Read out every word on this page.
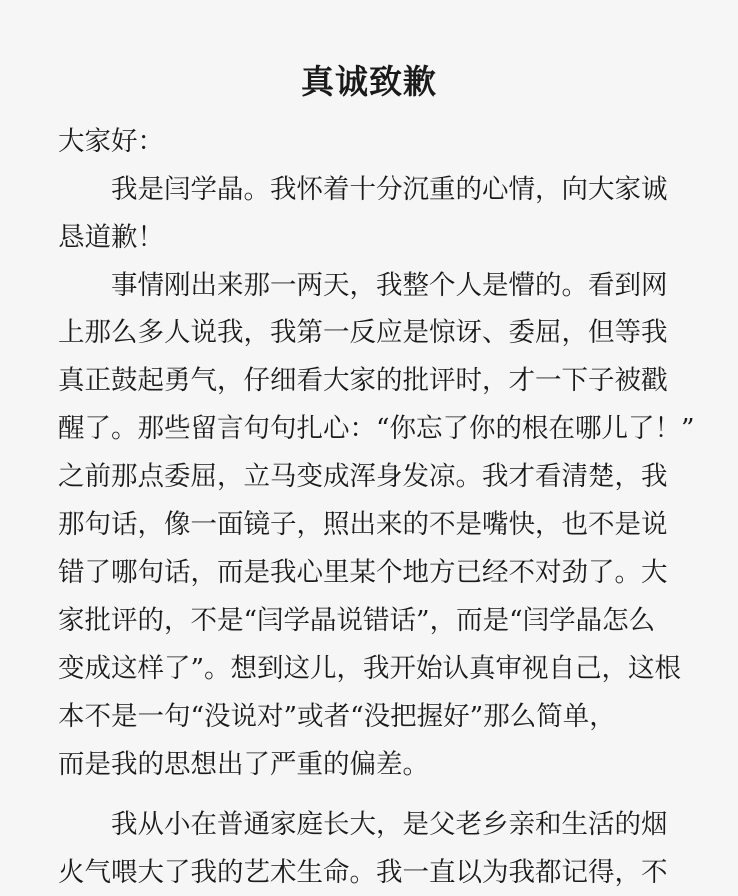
真诚致歉
大家好：
我是闫学晶。我怀着十分沉重的心情，向大家诚
恳道歉！
事情刚出来那一两天，我整个人是懵的。看到网
上那么多人说我，我第一反应是惊讶、委屈，但等我
真正鼓起勇气，仔细看大家的批评时，才一下子被戳
醒了。那些留言句句扎心：“你忘了你的根在哪儿了！”
之前那点委屈，立马变成浑身发凉。我才看清楚，我
那句话，像一面镜子，照出来的不是嘴快，也不是说
错了哪句话，而是我心里某个地方已经不对劲了。大
家批评的，不是“闫学晶说错话”，而是“闫学晶怎么
变成这样了”。想到这儿，我开始认真审视自己，这根
本不是一句“没说对”或者“没把握好”那么简单，
而是我的思想出了严重的偏差。
我从小在普通家庭长大，是父老乡亲和生活的烟
火气喂大了我的艺术生命。我一直以为我都记得，不
